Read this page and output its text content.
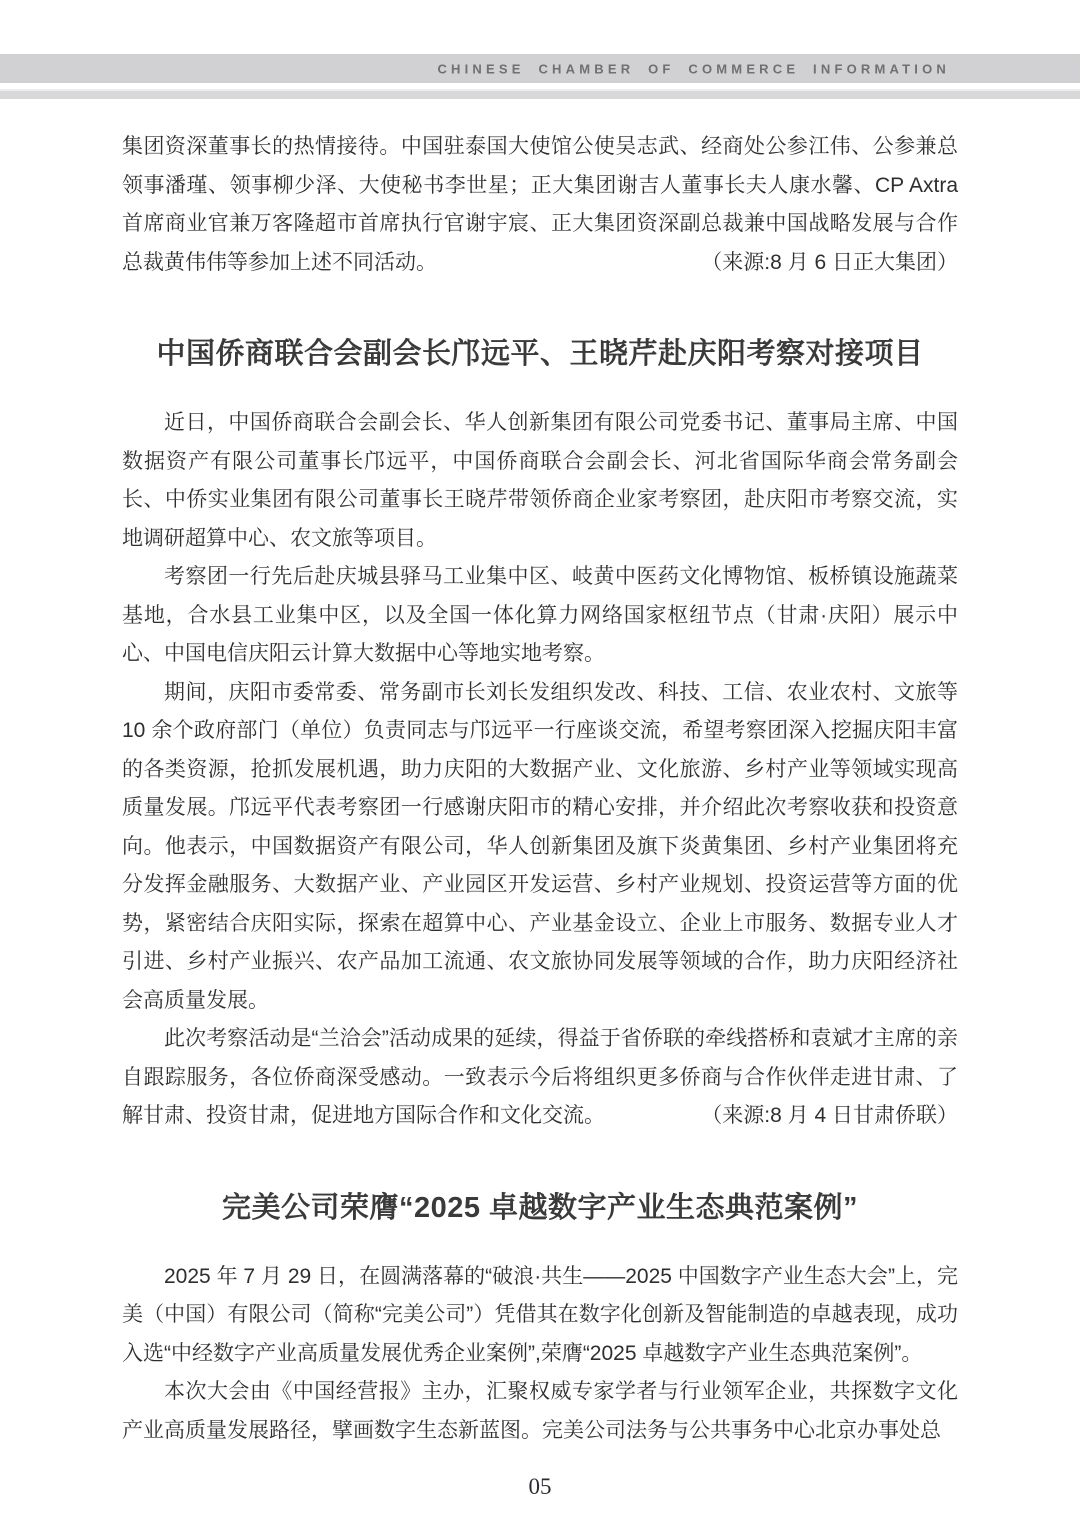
CHINESE CHAMBER OF COMMERCE INFORMATION

集团资深董事长的热情接待。中国驻泰国大使馆公使吴志武、经商处公参江伟、公参兼总领事潘瑾、领事柳少泽、大使秘书李世星；正大集团谢吉人董事长夫人康水馨、CP Axtra 首席商业官兼万客隆超市首席执行官谢宇宸、正大集团资深副总裁兼中国战略发展与合作总裁黄伟伟等参加上述不同活动。	（来源:8 月 6 日正大集团）

中国侨商联合会副会长邝远平、王晓芹赴庆阳考察对接项目

近日，中国侨商联合会副会长、华人创新集团有限公司党委书记、董事局主席、中国数据资产有限公司董事长邝远平，中国侨商联合会副会长、河北省国际华商会常务副会长、中侨实业集团有限公司董事长王晓芹带领侨商企业家考察团，赴庆阳市考察交流，实地调研超算中心、农文旅等项目。

考察团一行先后赴庆城县驿马工业集中区、岐黄中医药文化博物馆、板桥镇设施蔬菜基地，合水县工业集中区，以及全国一体化算力网络国家枢纽节点（甘肃·庆阳）展示中心、中国电信庆阳云计算大数据中心等地实地考察。

期间，庆阳市委常委、常务副市长刘长发组织发改、科技、工信、农业农村、文旅等 10 余个政府部门（单位）负责同志与邝远平一行座谈交流，希望考察团深入挖掘庆阳丰富的各类资源，抢抓发展机遇，助力庆阳的大数据产业、文化旅游、乡村产业等领域实现高质量发展。邝远平代表考察团一行感谢庆阳市的精心安排，并介绍此次考察收获和投资意向。他表示，中国数据资产有限公司，华人创新集团及旗下炎黄集团、乡村产业集团将充分发挥金融服务、大数据产业、产业园区开发运营、乡村产业规划、投资运营等方面的优势，紧密结合庆阳实际，探索在超算中心、产业基金设立、企业上市服务、数据专业人才引进、乡村产业振兴、农产品加工流通、农文旅协同发展等领域的合作，助力庆阳经济社会高质量发展。

此次考察活动是“兰洽会”活动成果的延续，得益于省侨联的牵线搭桥和袁斌才主席的亲自跟踪服务，各位侨商深受感动。一致表示今后将组织更多侨商与合作伙伴走进甘肃、了解甘肃、投资甘肃，促进地方国际合作和文化交流。	（来源:8 月 4 日甘肃侨联）

完美公司荣膺“2025 卓越数字产业生态典范案例”

2025 年 7 月 29 日，在圆满落幕的“破浪·共生——2025 中国数字产业生态大会”上，完美（中国）有限公司（简称“完美公司”）凭借其在数字化创新及智能制造的卓越表现，成功入选“中经数字产业高质量发展优秀企业案例”,荣膺“2025 卓越数字产业生态典范案例”。

本次大会由《中国经营报》主办，汇聚权威专家学者与行业领军企业，共探数字文化产业高质量发展路径，擘画数字生态新蓝图。完美公司法务与公共事务中心北京办事处总

05
